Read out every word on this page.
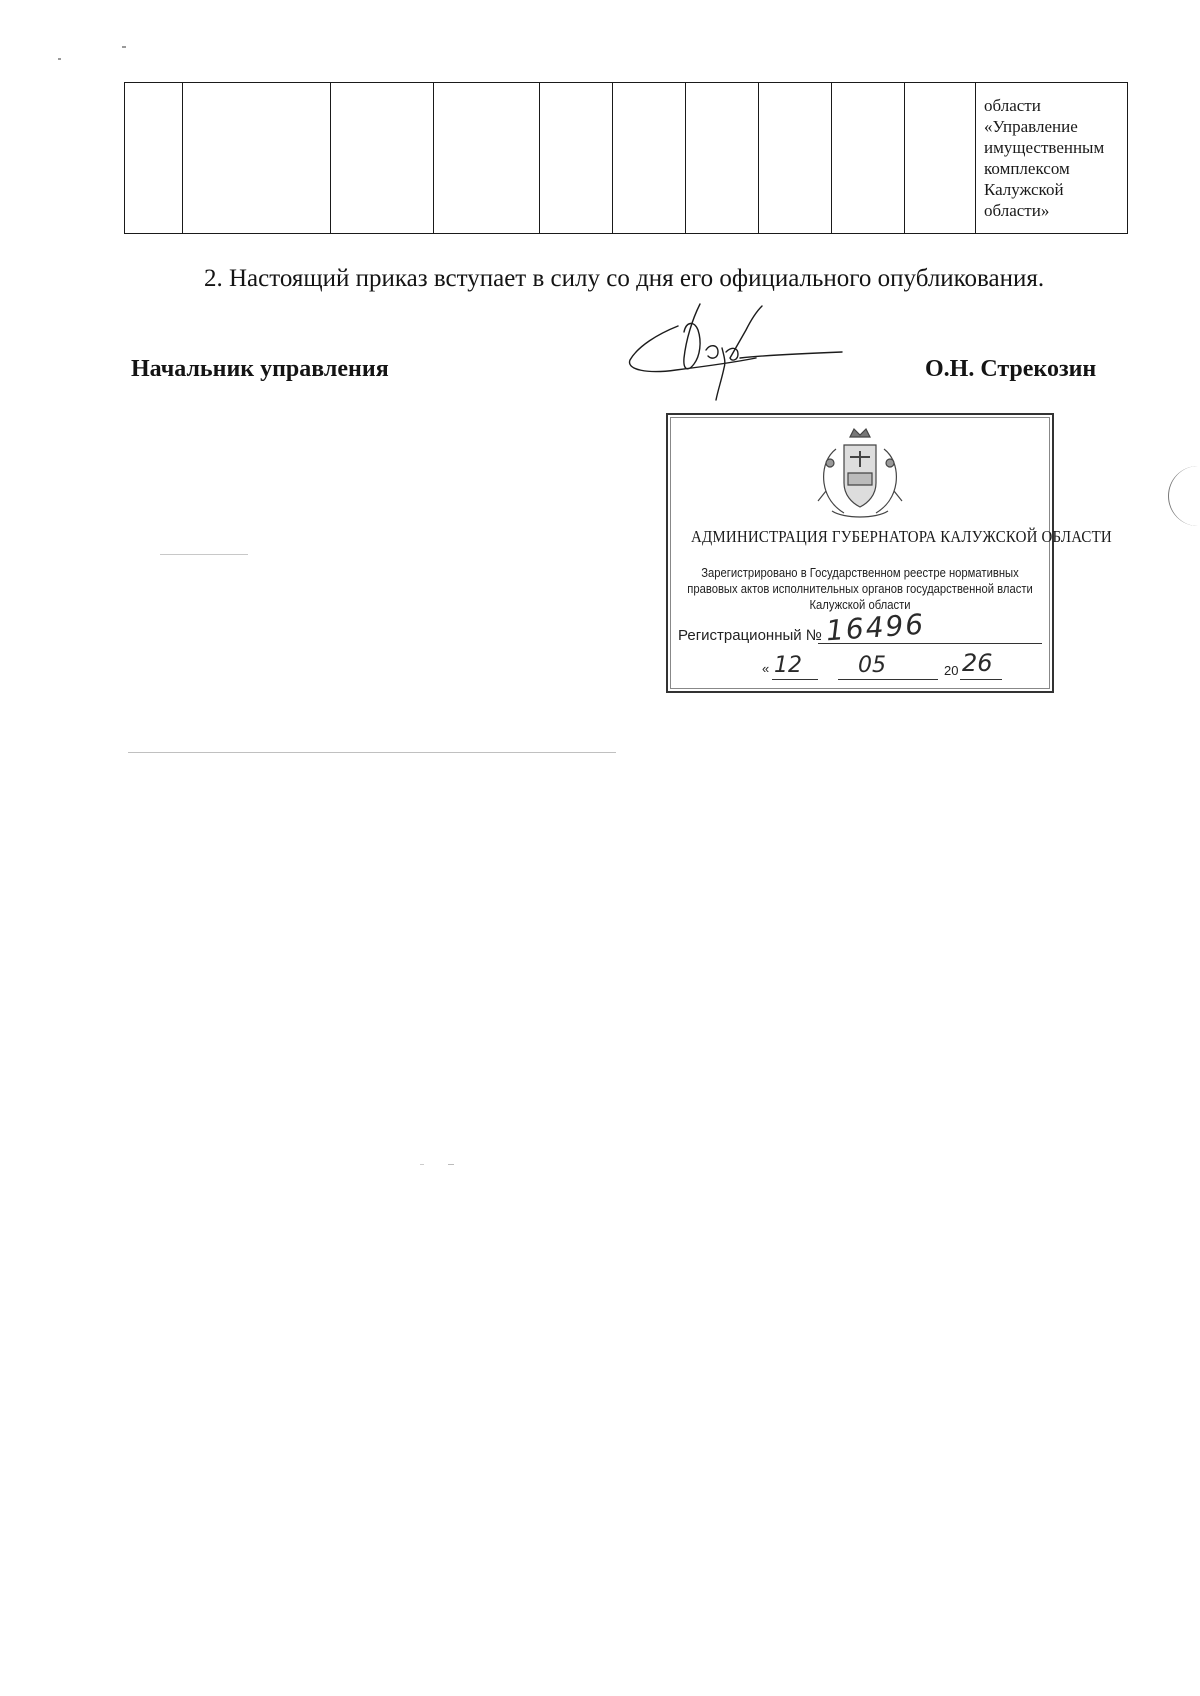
области
«Управление
имущественным
комплексом
Калужской
области»
2. Настоящий приказ вступает в силу со дня его официального опубликования.
Начальник управления	О.Н. Стрекозин
АДМИНИСТРАЦИЯ ГУБЕРНАТОРА КАЛУЖСКОЙ ОБЛАСТИ
Зарегистрировано в Государственном реестре нормативных
правовых актов исполнительных органов государственной власти
Калужской области
Регистрационный № 16496
« 12	05	20 26
